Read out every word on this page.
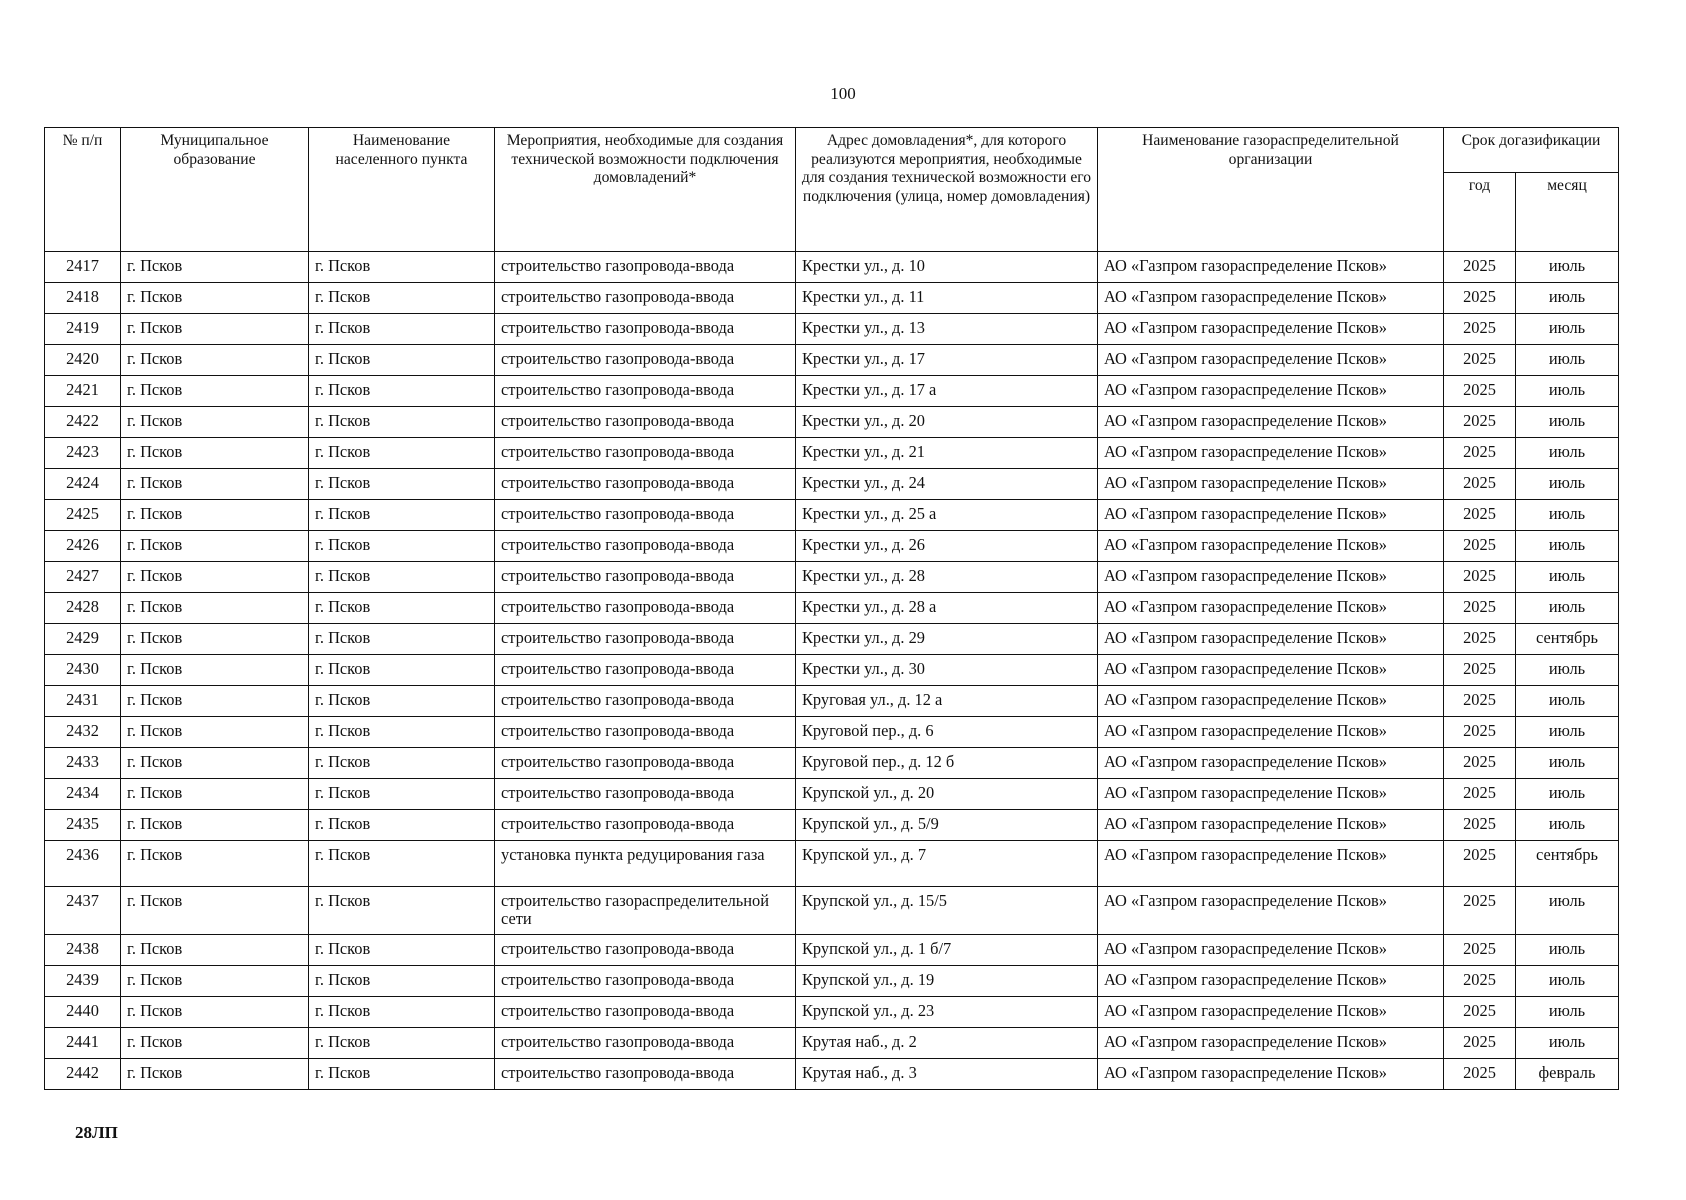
100
№ п/п	Муниципальное образование	Наименование населенного пункта	Мероприятия, необходимые для создания технической возможности подключения домовладений*	Адрес домовладения*, для которого реализуются мероприятия, необходимые для создания технической возможности его подключения (улица, номер домовладения)	Наименование газораспределительной организации	Срок догазификации	
						год	месяц
2417	г. Псков	г. Псков	строительство газопровода-ввода	Крестки ул., д. 10	АО «Газпром газораспределение Псков»	2025	июль
2418	г. Псков	г. Псков	строительство газопровода-ввода	Крестки ул., д. 11	АО «Газпром газораспределение Псков»	2025	июль
2419	г. Псков	г. Псков	строительство газопровода-ввода	Крестки ул., д. 13	АО «Газпром газораспределение Псков»	2025	июль
2420	г. Псков	г. Псков	строительство газопровода-ввода	Крестки ул., д. 17	АО «Газпром газораспределение Псков»	2025	июль
2421	г. Псков	г. Псков	строительство газопровода-ввода	Крестки ул., д. 17 а	АО «Газпром газораспределение Псков»	2025	июль
2422	г. Псков	г. Псков	строительство газопровода-ввода	Крестки ул., д. 20	АО «Газпром газораспределение Псков»	2025	июль
2423	г. Псков	г. Псков	строительство газопровода-ввода	Крестки ул., д. 21	АО «Газпром газораспределение Псков»	2025	июль
2424	г. Псков	г. Псков	строительство газопровода-ввода	Крестки ул., д. 24	АО «Газпром газораспределение Псков»	2025	июль
2425	г. Псков	г. Псков	строительство газопровода-ввода	Крестки ул., д. 25 а	АО «Газпром газораспределение Псков»	2025	июль
2426	г. Псков	г. Псков	строительство газопровода-ввода	Крестки ул., д. 26	АО «Газпром газораспределение Псков»	2025	июль
2427	г. Псков	г. Псков	строительство газопровода-ввода	Крестки ул., д. 28	АО «Газпром газораспределение Псков»	2025	июль
2428	г. Псков	г. Псков	строительство газопровода-ввода	Крестки ул., д. 28 а	АО «Газпром газораспределение Псков»	2025	июль
2429	г. Псков	г. Псков	строительство газопровода-ввода	Крестки ул., д. 29	АО «Газпром газораспределение Псков»	2025	сентябрь
2430	г. Псков	г. Псков	строительство газопровода-ввода	Крестки ул., д. 30	АО «Газпром газораспределение Псков»	2025	июль
2431	г. Псков	г. Псков	строительство газопровода-ввода	Круговая ул., д. 12 а	АО «Газпром газораспределение Псков»	2025	июль
2432	г. Псков	г. Псков	строительство газопровода-ввода	Круговой пер., д. 6	АО «Газпром газораспределение Псков»	2025	июль
2433	г. Псков	г. Псков	строительство газопровода-ввода	Круговой пер., д. 12 б	АО «Газпром газораспределение Псков»	2025	июль
2434	г. Псков	г. Псков	строительство газопровода-ввода	Крупской ул., д. 20	АО «Газпром газораспределение Псков»	2025	июль
2435	г. Псков	г. Псков	строительство газопровода-ввода	Крупской ул., д. 5/9	АО «Газпром газораспределение Псков»	2025	июль
2436	г. Псков	г. Псков	установка пункта редуцирования газа	Крупской ул., д. 7	АО «Газпром газораспределение Псков»	2025	сентябрь
2437	г. Псков	г. Псков	строительство газораспределительной сети	Крупской ул., д. 15/5	АО «Газпром газораспределение Псков»	2025	июль
2438	г. Псков	г. Псков	строительство газопровода-ввода	Крупской ул., д. 1 б/7	АО «Газпром газораспределение Псков»	2025	июль
2439	г. Псков	г. Псков	строительство газопровода-ввода	Крупской ул., д. 19	АО «Газпром газораспределение Псков»	2025	июль
2440	г. Псков	г. Псков	строительство газопровода-ввода	Крупской ул., д. 23	АО «Газпром газораспределение Псков»	2025	июль
2441	г. Псков	г. Псков	строительство газопровода-ввода	Крутая наб., д. 2	АО «Газпром газораспределение Псков»	2025	июль
2442	г. Псков	г. Псков	строительство газопровода-ввода	Крутая наб., д. 3	АО «Газпром газораспределение Псков»	2025	февраль
28ЛП
